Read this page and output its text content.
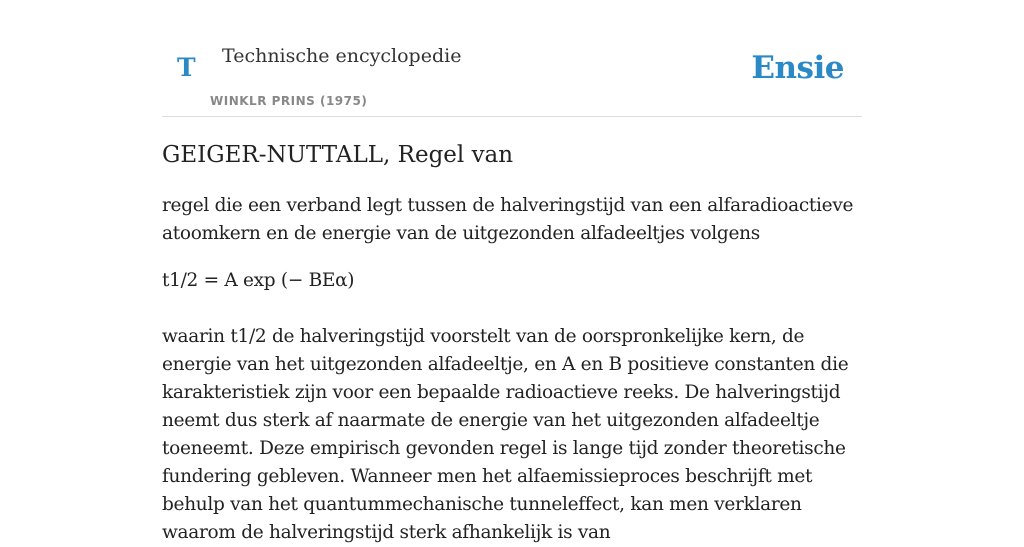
T Technische encyclopedie
WINKLR PRINS (1975)
Ensie
GEIGER-NUTTALL, Regel van

regel die een verband legt tussen de halveringstijd van een alfaradioactieve atoomkern en de energie van de uitgezonden alfadeeltjes volgens

t1/2 = A exp (− BEα)

waarin t1/2 de halveringstijd voorstelt van de oorspronkelijke kern, de energie van het uitgezonden alfadeeltje, en A en B positieve constanten die karakteristiek zijn voor een bepaalde radioactieve reeks. De halveringstijd neemt dus sterk af naarmate de energie van het uitgezonden alfadeeltje toeneemt. Deze empirisch gevonden regel is lange tijd zonder theoretische fundering gebleven. Wanneer men het alfaemissieproces beschrijft met behulp van het quantummechanische tunneleffect, kan men verklaren waarom de halveringstijd sterk afhankelijk is van
